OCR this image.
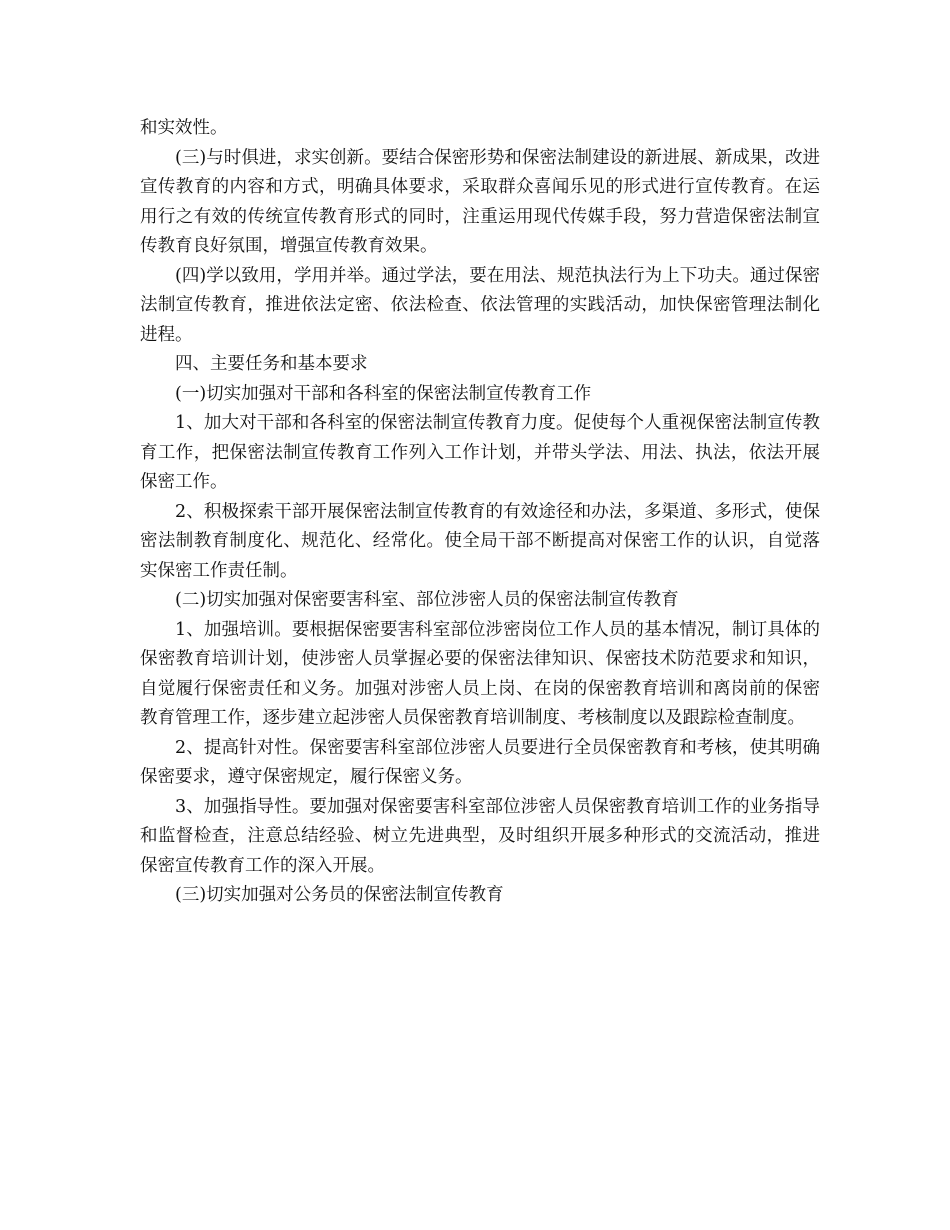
和实效性。

(三)与时俱进，求实创新。要结合保密形势和保密法制建设的新进展、新成果，改进宣传教育的内容和方式，明确具体要求，采取群众喜闻乐见的形式进行宣传教育。在运用行之有效的传统宣传教育形式的同时，注重运用现代传媒手段，努力营造保密法制宣传教育良好氛围，增强宣传教育效果。

(四)学以致用，学用并举。通过学法，要在用法、规范执法行为上下功夫。通过保密法制宣传教育，推进依法定密、依法检查、依法管理的实践活动，加快保密管理法制化进程。

四、主要任务和基本要求

(一)切实加强对干部和各科室的保密法制宣传教育工作

1、加大对干部和各科室的保密法制宣传教育力度。促使每个人重视保密法制宣传教育工作，把保密法制宣传教育工作列入工作计划，并带头学法、用法、执法，依法开展保密工作。

2、积极探索干部开展保密法制宣传教育的有效途径和办法，多渠道、多形式，使保密法制教育制度化、规范化、经常化。使全局干部不断提高对保密工作的认识，自觉落实保密工作责任制。

(二)切实加强对保密要害科室、部位涉密人员的保密法制宣传教育

1、加强培训。要根据保密要害科室部位涉密岗位工作人员的基本情况，制订具体的保密教育培训计划，使涉密人员掌握必要的保密法律知识、保密技术防范要求和知识，自觉履行保密责任和义务。加强对涉密人员上岗、在岗的保密教育培训和离岗前的保密教育管理工作，逐步建立起涉密人员保密教育培训制度、考核制度以及跟踪检查制度。

2、提高针对性。保密要害科室部位涉密人员要进行全员保密教育和考核，使其明确保密要求，遵守保密规定，履行保密义务。

3、加强指导性。要加强对保密要害科室部位涉密人员保密教育培训工作的业务指导和监督检查，注意总结经验、树立先进典型，及时组织开展多种形式的交流活动，推进保密宣传教育工作的深入开展。

(三)切实加强对公务员的保密法制宣传教育
